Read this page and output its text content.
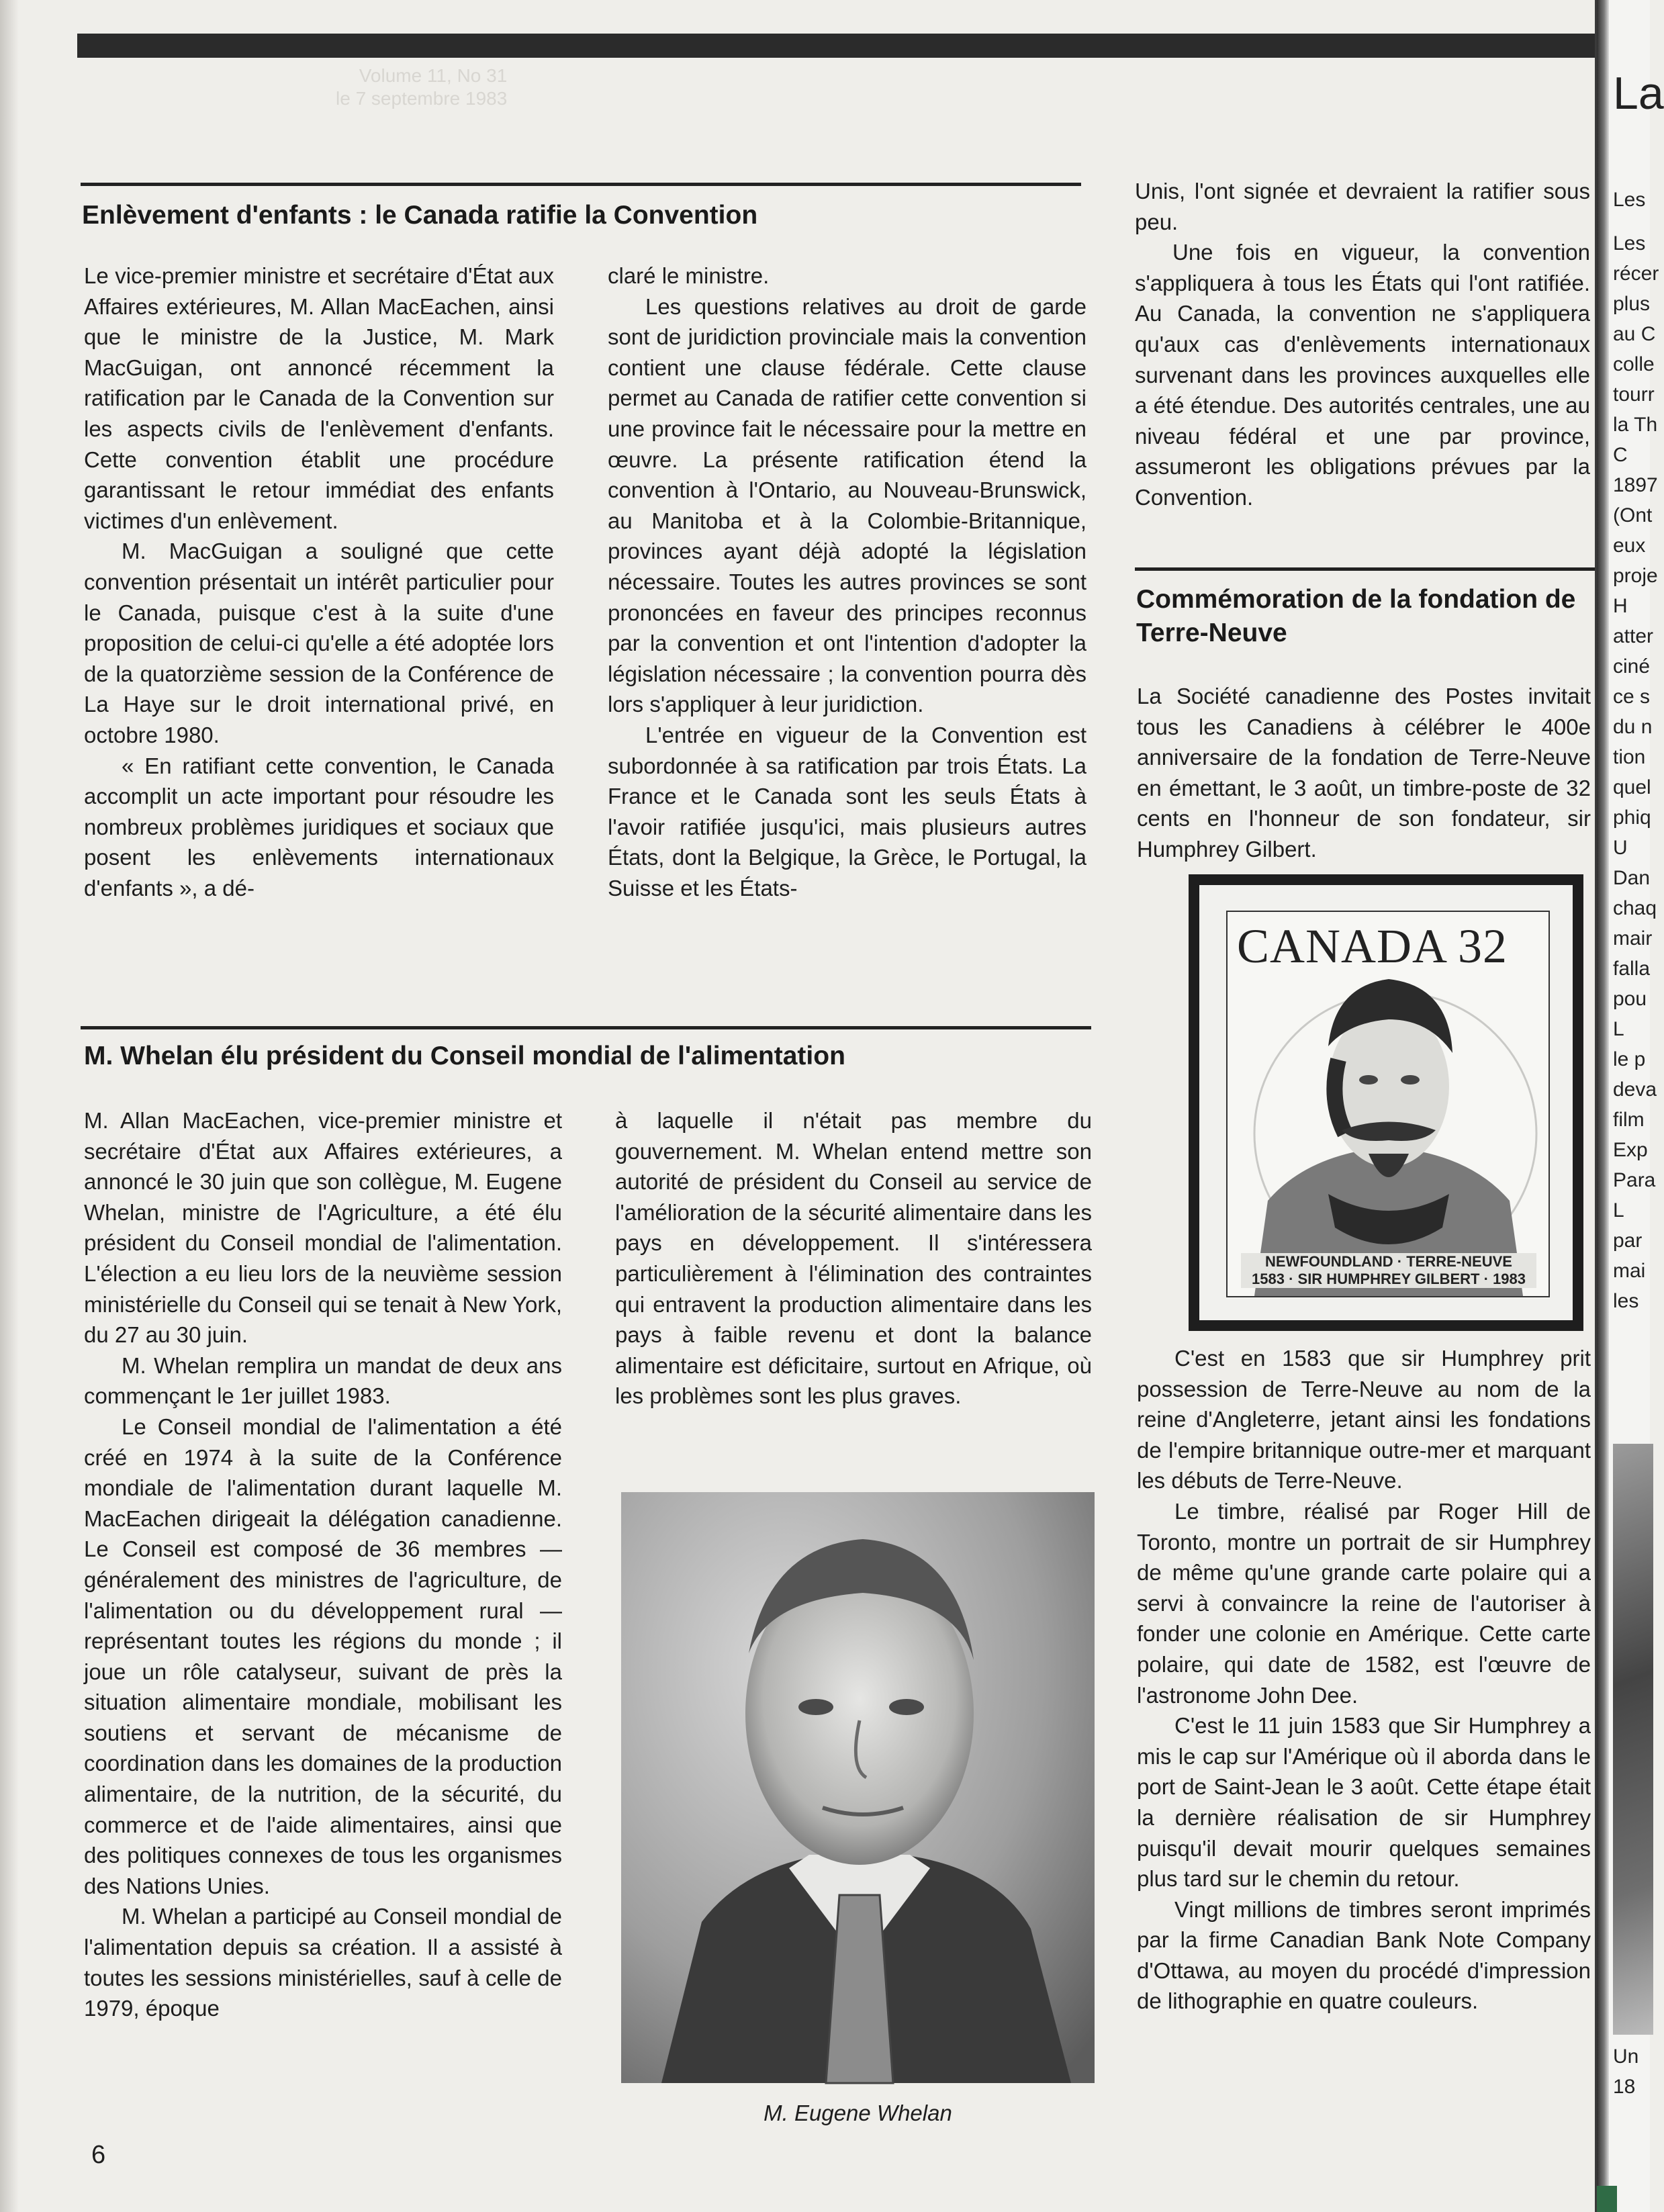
Volume 11, No 31
le 7 septembre 1983
Enlèvement d'enfants : le Canada ratifie la Convention

Le vice-premier ministre et secrétaire d'État aux Affaires extérieures, M. Allan MacEachen, ainsi que le ministre de la Justice, M. Mark MacGuigan, ont annoncé récemment la ratification par le Canada de la Convention sur les aspects civils de l'enlèvement d'enfants. Cette convention établit une procédure garantissant le retour immédiat des enfants victimes d'un enlèvement.

M. MacGuigan a souligné que cette convention présentait un intérêt particulier pour le Canada, puisque c'est à la suite d'une proposition de celui-ci qu'elle a été adoptée lors de la quatorzième session de la Conférence de La Haye sur le droit international privé, en octobre 1980.

« En ratifiant cette convention, le Canada accomplit un acte important pour résoudre les nombreux problèmes juridiques et sociaux que posent les enlèvements internationaux d'enfants », a dé-

claré le ministre.

Les questions relatives au droit de garde sont de juridiction provinciale mais la convention contient une clause fédérale. Cette clause permet au Canada de ratifier cette convention si une province fait le nécessaire pour la mettre en œuvre. La présente ratification étend la convention à l'Ontario, au Nouveau-Brunswick, au Manitoba et à la Colombie-Britannique, provinces ayant déjà adopté la législation nécessaire. Toutes les autres provinces se sont prononcées en faveur des principes reconnus par la convention et ont l'intention d'adopter la législation nécessaire ; la convention pourra dès lors s'appliquer à leur juridiction.

L'entrée en vigueur de la Convention est subordonnée à sa ratification par trois États. La France et le Canada sont les seuls États à l'avoir ratifiée jusqu'ici, mais plusieurs autres États, dont la Belgique, la Grèce, le Portugal, la Suisse et les États-

Unis, l'ont signée et devraient la ratifier sous peu.

Une fois en vigueur, la convention s'appliquera à tous les États qui l'ont ratifiée. Au Canada, la convention ne s'appliquera qu'aux cas d'enlèvements internationaux survenant dans les provinces auxquelles elle a été étendue. Des autorités centrales, une au niveau fédéral et une par province, assumeront les obligations prévues par la Convention.

M. Whelan élu président du Conseil mondial de l'alimentation

M. Allan MacEachen, vice-premier ministre et secrétaire d'État aux Affaires extérieures, a annoncé le 30 juin que son collègue, M. Eugene Whelan, ministre de l'Agriculture, a été élu président du Conseil mondial de l'alimentation. L'élection a eu lieu lors de la neuvième session ministérielle du Conseil qui se tenait à New York, du 27 au 30 juin.

M. Whelan remplira un mandat de deux ans commençant le 1er juillet 1983.

Le Conseil mondial de l'alimentation a été créé en 1974 à la suite de la Conférence mondiale de l'alimentation durant laquelle M. MacEachen dirigeait la délégation canadienne. Le Conseil est composé de 36 membres — généralement des ministres de l'agriculture, de l'alimentation ou du développement rural — représentant toutes les régions du monde ; il joue un rôle catalyseur, suivant de près la situation alimentaire mondiale, mobilisant les soutiens et servant de mécanisme de coordination dans les domaines de la production alimentaire, de la nutrition, de la sécurité, du commerce et de l'aide alimentaires, ainsi que des politiques connexes de tous les organismes des Nations Unies.

M. Whelan a participé au Conseil mondial de l'alimentation depuis sa création. Il a assisté à toutes les sessions ministérielles, sauf à celle de 1979, époque

à laquelle il n'était pas membre du gouvernement. M. Whelan entend mettre son autorité de président du Conseil au service de l'amélioration de la sécurité alimentaire dans les pays en développement. Il s'intéressera particulièrement à l'élimination des contraintes qui entravent la production alimentaire dans les pays à faible revenu et dont la balance alimentaire est déficitaire, surtout en Afrique, où les problèmes sont les plus graves.

M. Eugene Whelan
Commémoration de la fondation de Terre-Neuve

La Société canadienne des Postes invitait tous les Canadiens à célébrer le 400e anniversaire de la fondation de Terre-Neuve en émettant, le 3 août, un timbre-poste de 32 cents en l'honneur de son fondateur, sir Humphrey Gilbert.

CANADA 32
NEWFOUNDLAND · TERRE-NEUVE
1583 · SIR HUMPHREY GILBERT · 1983

C'est en 1583 que sir Humphrey prit possession de Terre-Neuve au nom de la reine d'Angleterre, jetant ainsi les fondations de l'empire britannique outre-mer et marquant les débuts de Terre-Neuve.

Le timbre, réalisé par Roger Hill de Toronto, montre un portrait de sir Humphrey de même qu'une grande carte polaire qui a servi à convaincre la reine de l'autoriser à fonder une colonie en Amérique. Cette carte polaire, qui date de 1582, est l'œuvre de l'astronome John Dee.

C'est le 11 juin 1583 que Sir Humphrey a mis le cap sur l'Amérique où il aborda dans le port de Saint-Jean le 3 août. Cette étape était la dernière réalisation de sir Humphrey puisqu'il devait mourir quelques semaines plus tard sur le chemin du retour.

Vingt millions de timbres seront imprimés par la firme Canadian Bank Note Company d'Ottawa, au moyen du procédé d'impression de lithographie en quatre couleurs.

6
La
Les
Les
récer
plus
au C
colle
tourr
la Th
C
1897
(Ont
eux
proje
H
atter
ciné
ce s
du n
tion
quel
phiq
U
Dan
chaq
mair
falla
pou
L
le p
deva
film
Exp
Para
L
par
mai
les
Un
18
